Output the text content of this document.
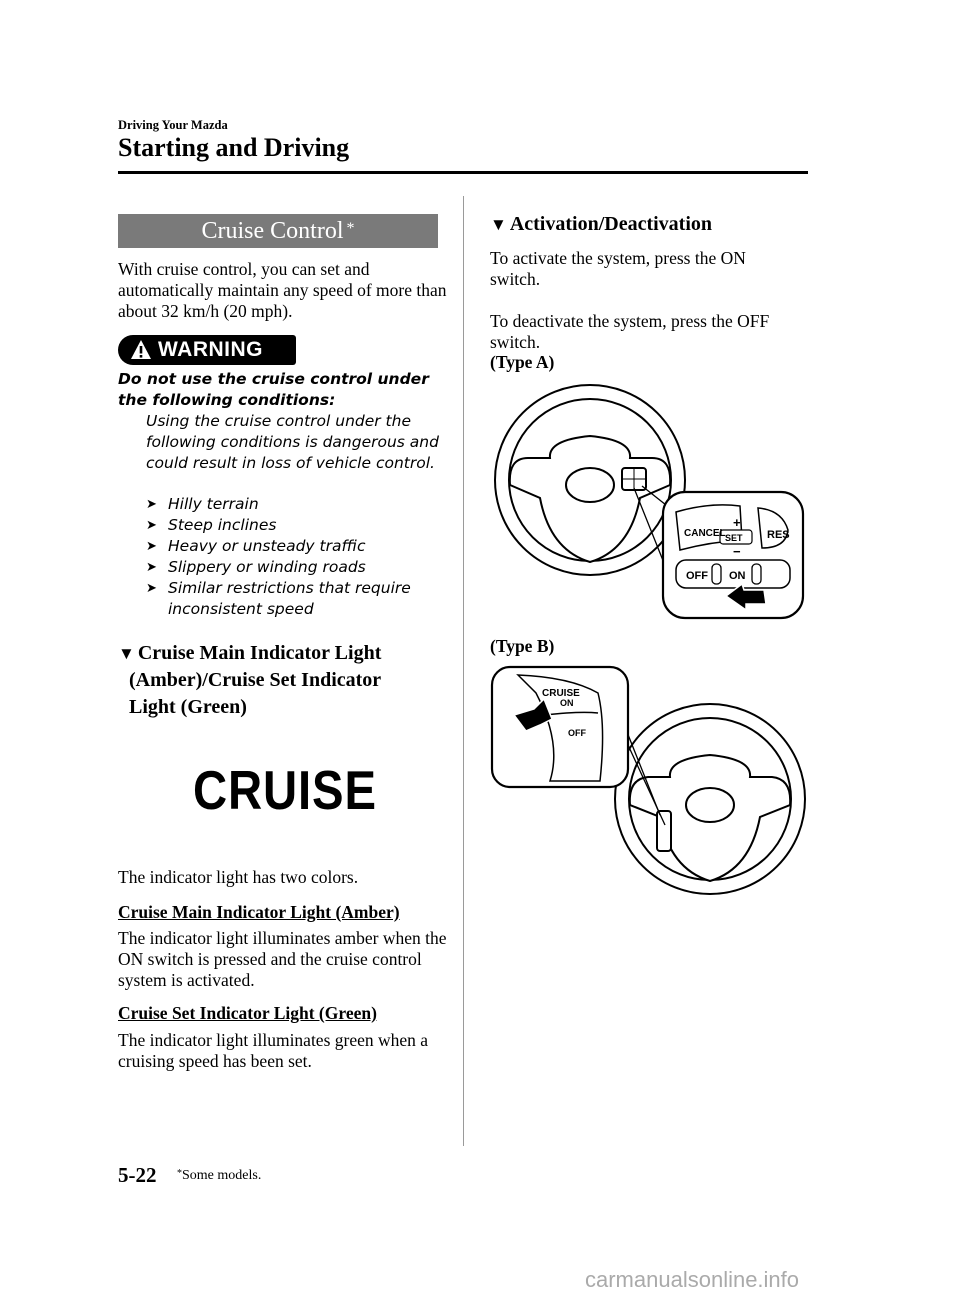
Driving Your Mazda
Starting and Driving
Cruise Control *
With cruise control, you can set and automatically maintain any speed of more than about 32 km/h (20 mph).
WARNING
Do not use the cruise control under the following conditions:
Using the cruise control under the following conditions is dangerous and could result in loss of vehicle control.
➤ Hilly terrain
➤ Steep inclines
➤ Heavy or unsteady traffic
➤ Slippery or winding roads
➤ Similar restrictions that require inconsistent speed
▼ Cruise Main Indicator Light
(Amber)/Cruise Set Indicator
Light (Green)
CRUISE
The indicator light has two colors.
Cruise Main Indicator Light (Amber)
The indicator light illuminates amber when the ON switch is pressed and the cruise control system is activated.
Cruise Set Indicator Light (Green)
The indicator light illuminates green when a cruising speed has been set.
▼ Activation/Deactivation
To activate the system, press the ON switch.
To deactivate the system, press the OFF switch.
(Type A)
CANCEL
+
SET
−
RES
OFF ON
(Type B)
CRUISE
ON
OFF
5-22 *Some models.
carmanualsonline.info
